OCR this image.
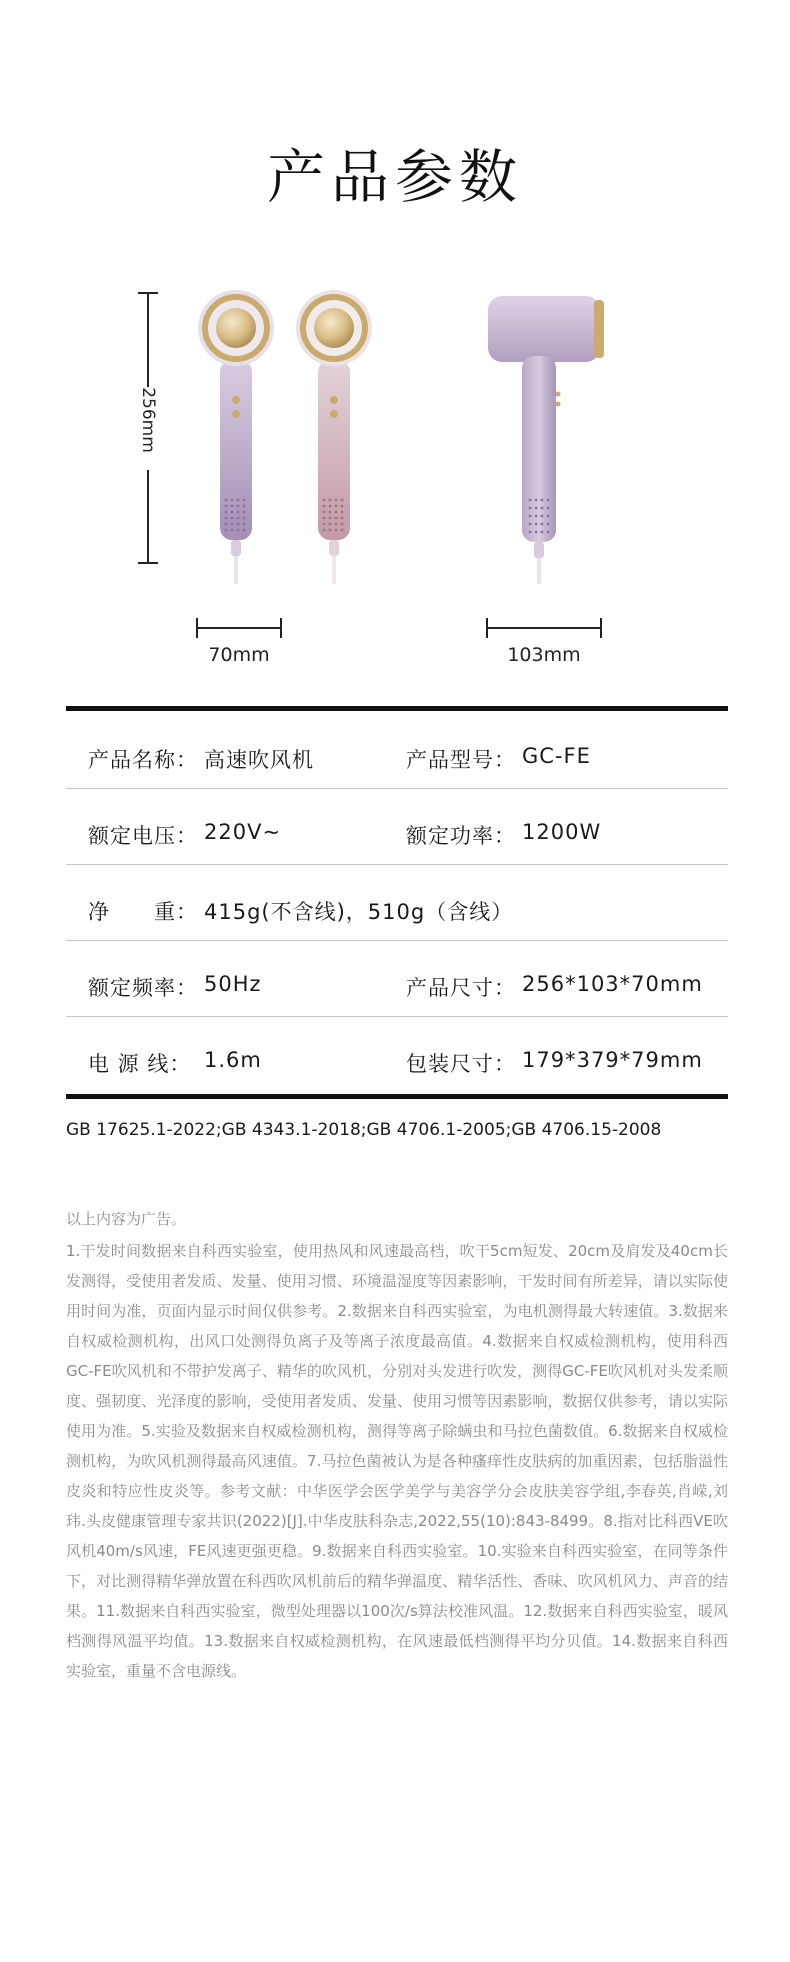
产品参数
256mm
70mm	103mm
产品名称： 高速吹风机	产品型号： GC-FE
额定电压： 220V~	额定功率： 1200W
净　　重： 415g(不含线)，510g（含线）
额定频率： 50Hz	产品尺寸： 256*103*70mm
电 源 线： 1.6m	包装尺寸： 179*379*79mm
GB 17625.1-2022;GB 4343.1-2018;GB 4706.1-2005;GB 4706.15-2008
以上内容为广告。
1.干发时间数据来自科西实验室，使用热风和风速最高档，吹干5cm短发、20cm及肩发及40cm长发测得，受使用者发质、发量、使用习惯、环境温湿度等因素影响，干发时间有所差异，请以实际使用时间为准，页面内显示时间仅供参考。2.数据来自科西实验室，为电机测得最大转速值。3.数据来自权威检测机构，出风口处测得负离子及等离子浓度最高值。4.数据来自权威检测机构，使用科西GC-FE吹风机和不带护发离子、精华的吹风机，分别对头发进行吹发，测得GC-FE吹风机对头发柔顺度、强韧度、光泽度的影响，受使用者发质、发量、使用习惯等因素影响，数据仅供参考，请以实际使用为准。5.实验及数据来自权威检测机构，测得等离子除螨虫和马拉色菌数值。6.数据来自权威检测机构，为吹风机测得最高风速值。7.马拉色菌被认为是各种瘙痒性皮肤病的加重因素，包括脂溢性皮炎和特应性皮炎等。参考文献：中华医学会医学美学与美容学分会皮肤美容学组,李春英,肖嵘,刘玮.头皮健康管理专家共识(2022)[J].中华皮肤科杂志,2022,55(10):843-8499。8.指对比科西VE吹风机40m/s风速，FE风速更强更稳。9.数据来自科西实验室。10.实验来自科西实验室，在同等条件下，对比测得精华弹放置在科西吹风机前后的精华弹温度、精华活性、香味、吹风机风力、声音的结果。11.数据来自科西实验室，微型处理器以100次/s算法校准风温。12.数据来自科西实验室，暖风档测得风温平均值。13.数据来自权威检测机构，在风速最低档测得平均分贝值。14.数据来自科西实验室，重量不含电源线。
